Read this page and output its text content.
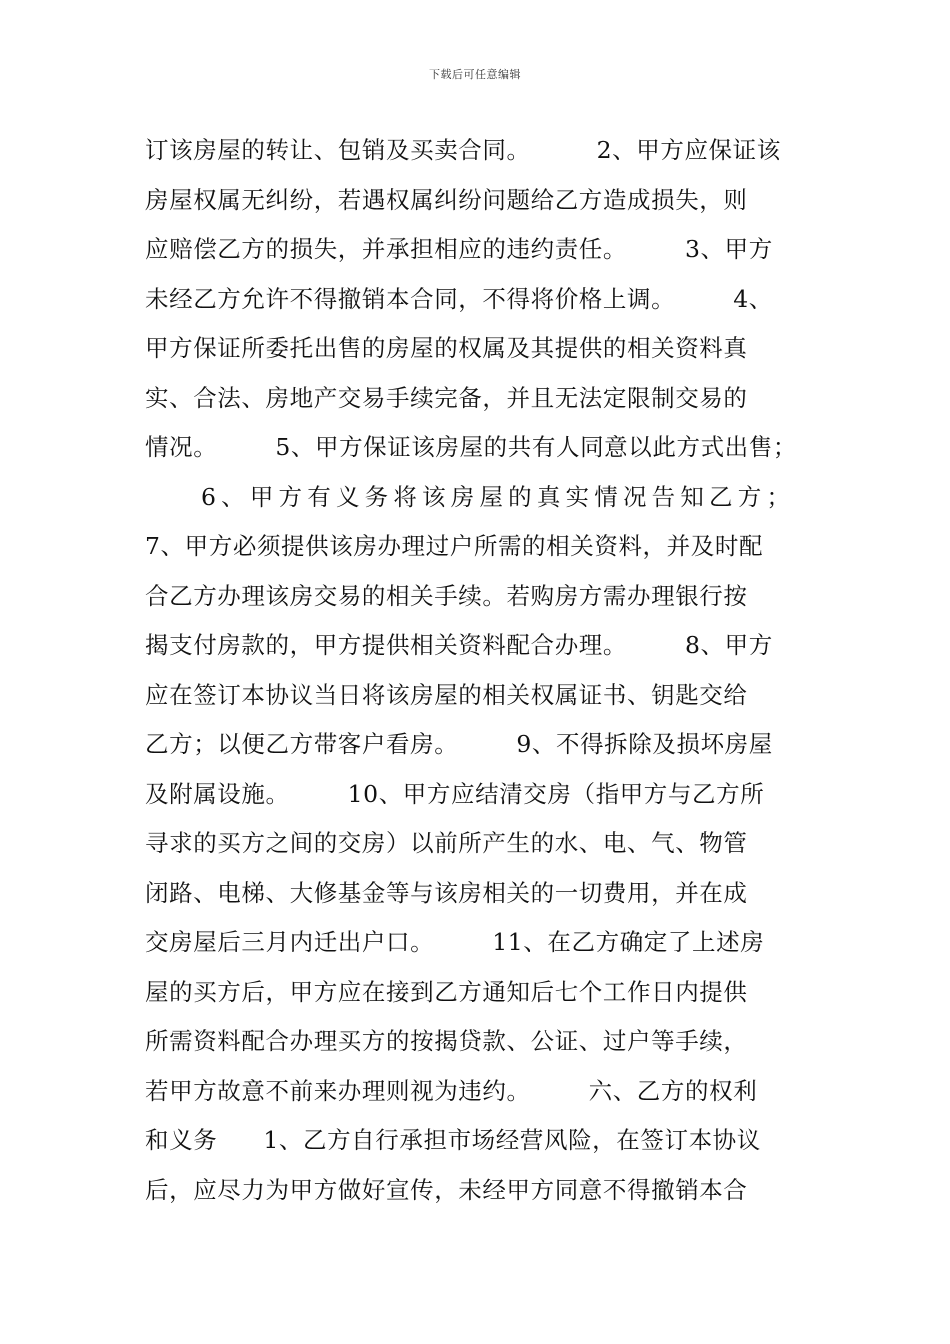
下载后可任意编辑
订该房屋的转让、包销及买卖合同。	2、甲方应保证该
房屋权属无纠纷，若遇权属纠纷问题给乙方造成损失，则
应赔偿乙方的损失，并承担相应的违约责任。 3、甲方
未经乙方允许不得撤销本合同，不得将价格上调。 4、
甲方保证所委托出售的房屋的权属及其提供的相关资料真
实、合法、房地产交易手续完备，并且无法定限制交易的
情况。 5、甲方保证该房屋的共有人同意以此方式出售；
6、甲方有义务将该房屋的真实情况告知乙方；
7、甲方必须提供该房办理过户所需的相关资料，并及时配
合乙方办理该房交易的相关手续。若购房方需办理银行按
揭支付房款的，甲方提供相关资料配合办理。 8、甲方
应在签订本协议当日将该房屋的相关权属证书、钥匙交给
乙方；以便乙方带客户看房。 9、不得拆除及损坏房屋
及附属设施。 10、甲方应结清交房（指甲方与乙方所
寻求的买方之间的交房）以前所产生的水、电、气、物管
闭路、电梯、大修基金等与该房相关的一切费用，并在成
交房屋后三月内迁出户口。 11、在乙方确定了上述房
屋的买方后，甲方应在接到乙方通知后七个工作日内提供
所需资料配合办理买方的按揭贷款、公证、过户等手续，
若甲方故意不前来办理则视为违约。 六、乙方的权利
和义务 1、乙方自行承担市场经营风险，在签订本协议
后，应尽力为甲方做好宣传，未经甲方同意不得撤销本合
